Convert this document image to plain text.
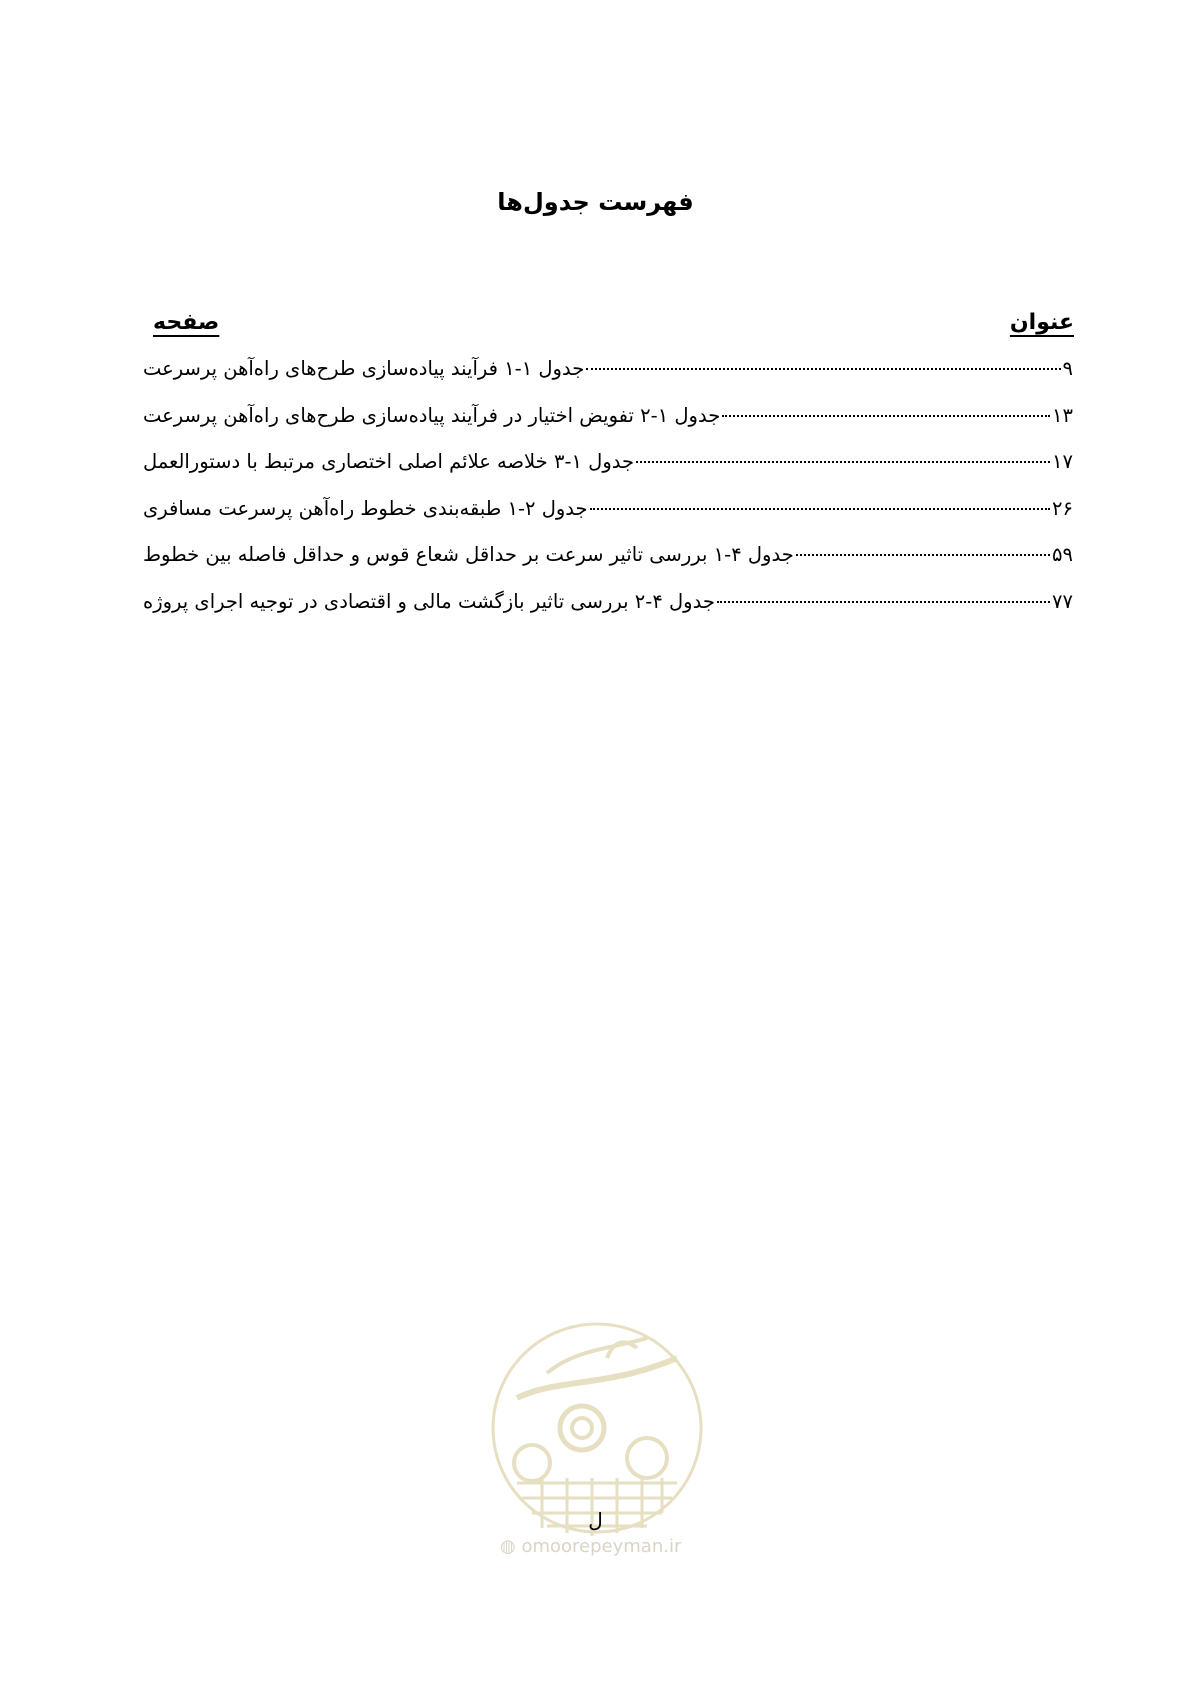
فهرست جدول‌ها
عنوان
صفحه
جدول ۱-۱ فرآیند پیاده‌سازی طرح‌های راه‌آهن پرسرعت	۹
جدول ۱-۲ تفویض اختیار در فرآیند پیاده‌سازی طرح‌های راه‌آهن پرسرعت	۱۳
جدول ۱-۳ خلاصه علائم اصلی اختصاری مرتبط با دستورالعمل	۱۷
جدول ۲-۱ طبقه‌بندی خطوط راه‌آهن پرسرعت مسافری	۲۶
جدول ۴-۱ بررسی تاثیر سرعت بر حداقل شعاع قوس و حداقل فاصله بین خطوط	۵۹
جدول ۴-۲ بررسی تاثیر بازگشت مالی و اقتصادی در توجیه اجرای پروژه	۷۷
ل
◍ omoorepeyman.ir
